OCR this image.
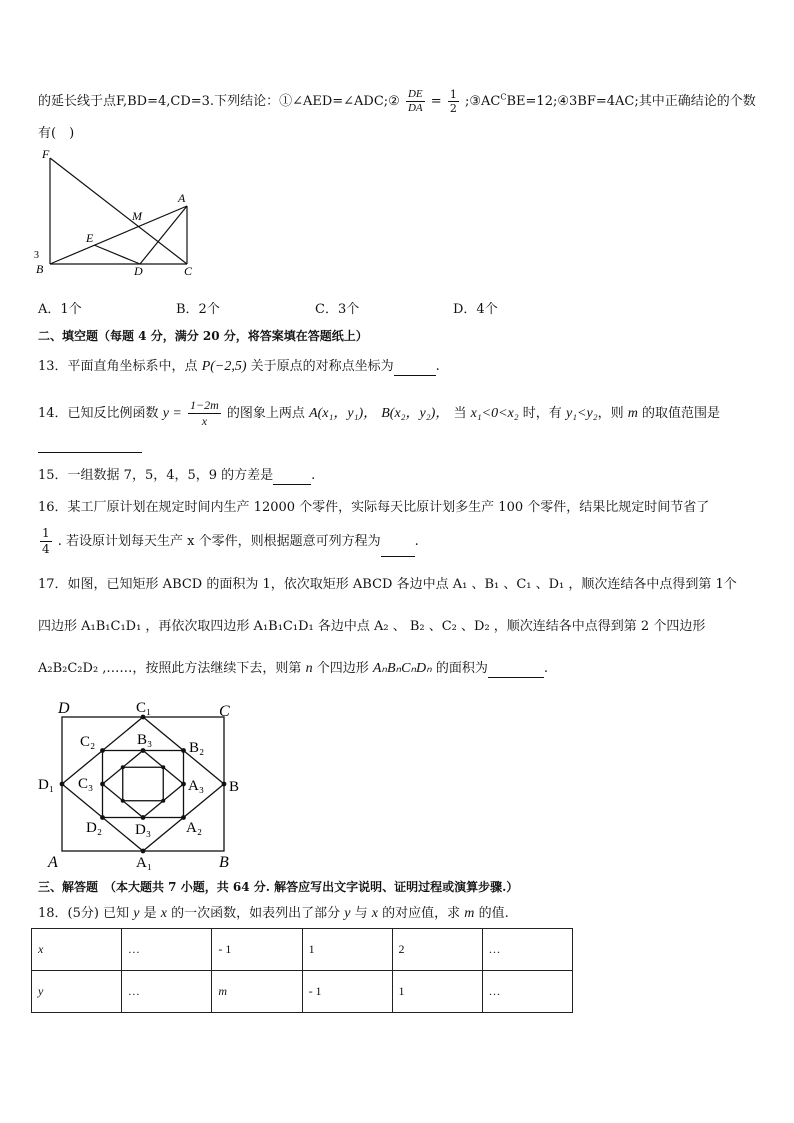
的延长线于点F,BD=4,CD=3.下列结论：①∠AED=∠ADC;② $\frac{DE}{DA} = \frac{1}{2}$ $;③AC^CBE=12;④3BF=4AC$;其中正确结论的个数
有(　)
F
A
M
E
3
B	D	C
A．1个	B．2个	C．3个	D．4个
二、填空题（每题 4 分，满分 20 分，将答案填在答题纸上）
13．平面直角坐标系中，点 P(−2,5) 关于原点的对称点坐标为	.
14．已知反比例函数 $y = \frac{1-2m}{x}$ 的图象上两点 A(x₁，y₁)， B(x₂，y₂)， 当 x₁<0<x₂ 时，有 y₁<y₂，则 m 的取值范围是
15．一组数据 7，5，4，5，9 的方差是	.
16．某工厂原计划在规定时间内生产 12000 个零件，实际每天比原计划多生产 100 个零件，结果比规定时间节省了
$\frac{1}{4}$ . 若设原计划每天生产 x 个零件，则根据题意可列方程为	.
17．如图，已知矩形 ABCD 的面积为 1，依次取矩形 ABCD 各边中点 A₁ 、B₁ 、C₁ 、D₁ ，顺次连结各中点得到第 1个
四边形 A₁B₁C₁D₁ ，再依次取四边形 A₁B₁C₁D₁ 各边中点 A₂ 、 B₂ 、C₂ 、D₂ ，顺次连结各中点得到第 2 个四边形
A₂B₂C₂D₂ ,……，按照此方法继续下去，则第 n 个四边形 AₙBₙCₙDₙ 的面积为	.
D	C
A	B
C₁
B
D₁
A₁
C₂	B₂
D₂	A₂
B₃
C₃	A₃
D₃
三、解答题　（本大题共 7 小题，共 64 分. 解答应写出文字说明、证明过程或演算步骤.）
18．(5分) 已知 y 是 x 的一次函数，如表列出了部分 y 与 x 的对应值，求 m 的值.
x	…	- 1	1	2	…
y	…	m	- 1	1	…
